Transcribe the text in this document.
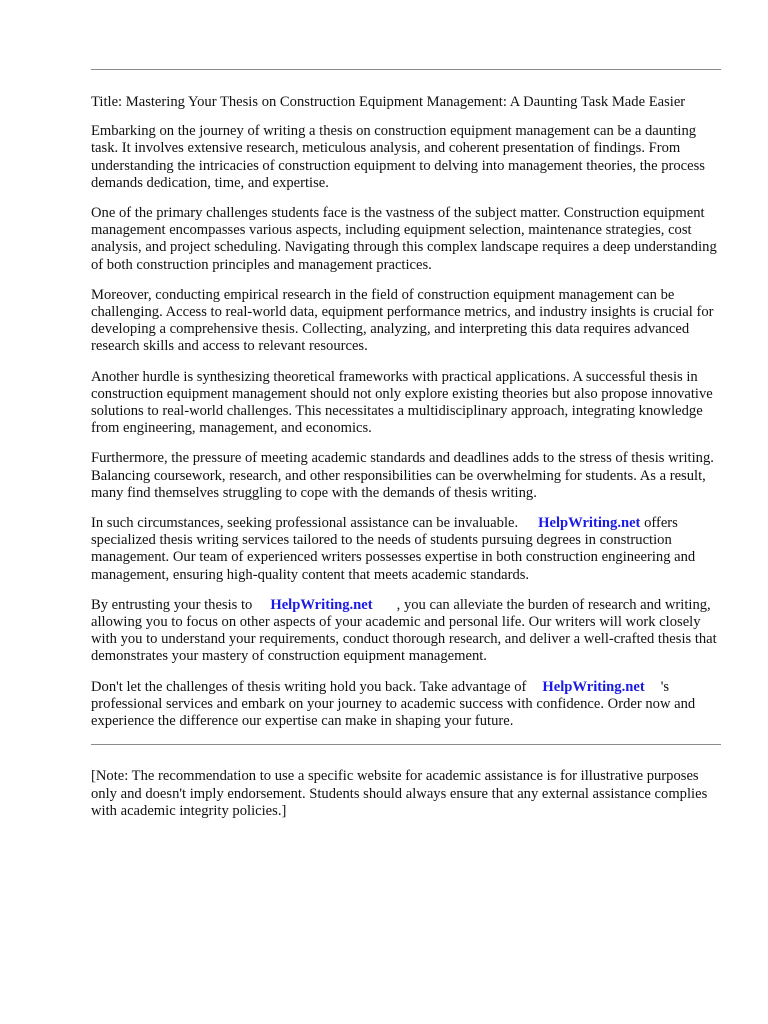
Title: Mastering Your Thesis on Construction Equipment Management: A Daunting Task Made Easier

Embarking on the journey of writing a thesis on construction equipment management can be a daunting task. It involves extensive research, meticulous analysis, and coherent presentation of findings. From understanding the intricacies of construction equipment to delving into management theories, the process demands dedication, time, and expertise.

One of the primary challenges students face is the vastness of the subject matter. Construction equipment management encompasses various aspects, including equipment selection, maintenance strategies, cost analysis, and project scheduling. Navigating through this complex landscape requires a deep understanding of both construction principles and management practices.

Moreover, conducting empirical research in the field of construction equipment management can be challenging. Access to real-world data, equipment performance metrics, and industry insights is crucial for developing a comprehensive thesis. Collecting, analyzing, and interpreting this data requires advanced research skills and access to relevant resources.

Another hurdle is synthesizing theoretical frameworks with practical applications. A successful thesis in construction equipment management should not only explore existing theories but also propose innovative solutions to real-world challenges. This necessitates a multidisciplinary approach, integrating knowledge from engineering, management, and economics.

Furthermore, the pressure of meeting academic standards and deadlines adds to the stress of thesis writing. Balancing coursework, research, and other responsibilities can be overwhelming for students. As a result, many find themselves struggling to cope with the demands of thesis writing.

In such circumstances, seeking professional assistance can be invaluable. HelpWriting.net offers specialized thesis writing services tailored to the needs of students pursuing degrees in construction management. Our team of experienced writers possesses expertise in both construction engineering and management, ensuring high-quality content that meets academic standards.

By entrusting your thesis to HelpWriting.net , you can alleviate the burden of research and writing, allowing you to focus on other aspects of your academic and personal life. Our writers will work closely with you to understand your requirements, conduct thorough research, and deliver a well-crafted thesis that demonstrates your mastery of construction equipment management.

Don't let the challenges of thesis writing hold you back. Take advantage of HelpWriting.net 's professional services and embark on your journey to academic success with confidence. Order now and experience the difference our expertise can make in shaping your future.

[Note: The recommendation to use a specific website for academic assistance is for illustrative purposes only and doesn't imply endorsement. Students should always ensure that any external assistance complies with academic integrity policies.]
